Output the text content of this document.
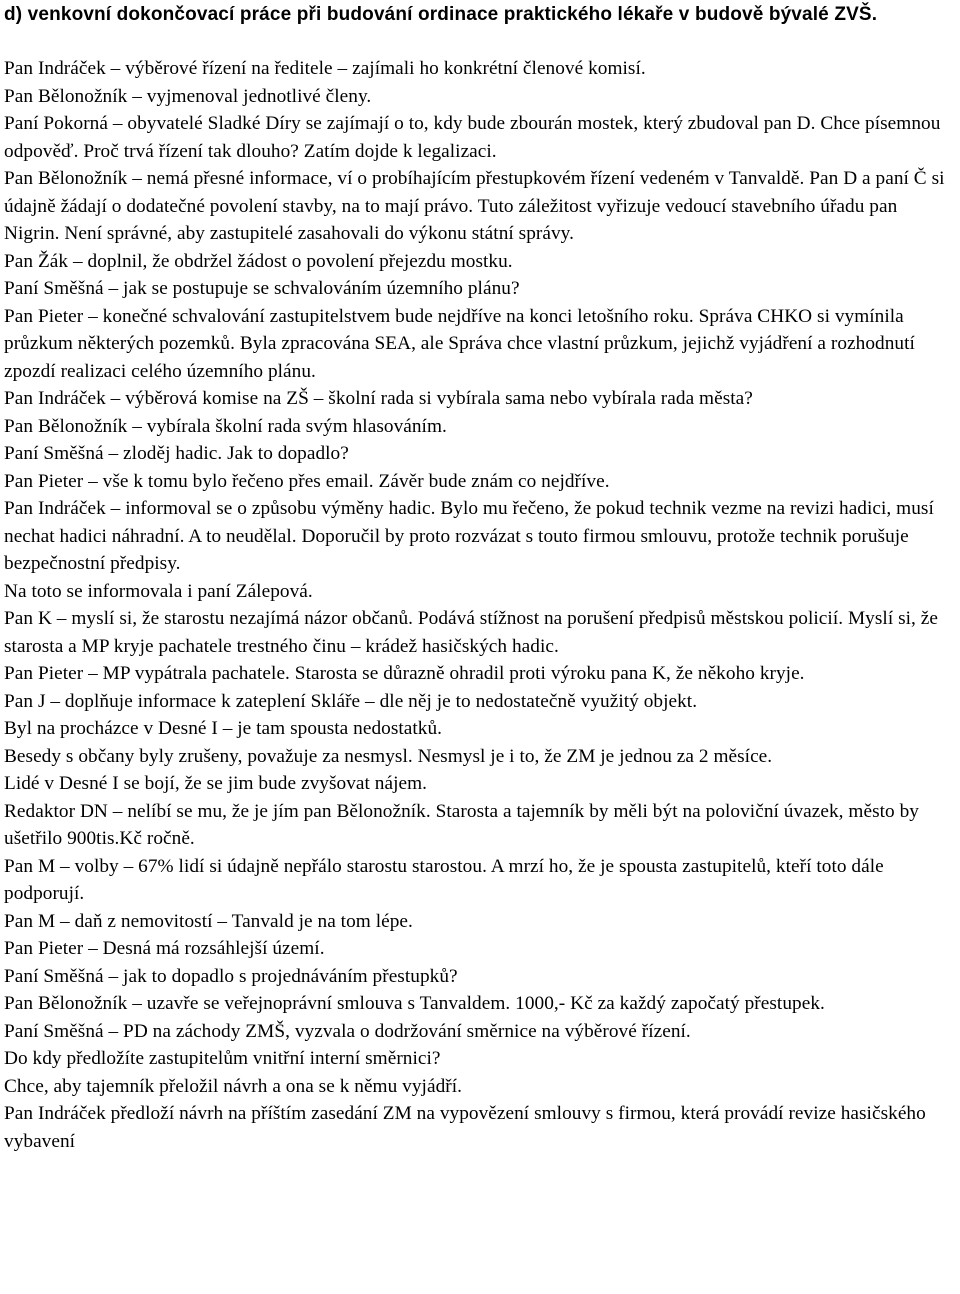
d) venkovní dokončovací práce při budování ordinace praktického lékaře v budově bývalé ZVŠ.

Pan Indráček – výběrové řízení na ředitele – zajímali ho konkrétní členové komisí.

Pan Bělonožník – vyjmenoval jednotlivé členy.

Paní Pokorná – obyvatelé Sladké Díry se zajímají o to, kdy bude zbourán mostek, který zbudoval pan D. Chce písemnou odpověď. Proč trvá řízení tak dlouho? Zatím dojde k legalizaci.

Pan Bělonožník – nemá přesné informace, ví o probíhajícím přestupkovém řízení vedeném v Tanvaldě. Pan D a paní Č si údajně žádají o dodatečné povolení stavby, na to mají právo. Tuto záležitost vyřizuje vedoucí stavebního úřadu pan Nigrin. Není správné, aby zastupitelé zasahovali do výkonu státní správy.

Pan Žák – doplnil, že obdržel žádost o povolení přejezdu mostku.

Paní Směšná – jak se postupuje se schvalováním územního plánu?

Pan Pieter – konečné schvalování zastupitelstvem bude nejdříve na konci letošního roku. Správa CHKO si vymínila průzkum některých pozemků. Byla zpracována SEA, ale Správa chce vlastní průzkum, jejichž vyjádření a rozhodnutí zpozdí realizaci celého územního plánu.

Pan Indráček – výběrová komise na ZŠ – školní rada si vybírala sama nebo vybírala rada města?

Pan Bělonožník – vybírala školní rada svým hlasováním.

Paní Směšná – zloděj hadic. Jak to dopadlo?

Pan Pieter – vše k tomu bylo řečeno přes email. Závěr bude znám co nejdříve.

Pan Indráček – informoval se o způsobu výměny hadic. Bylo mu řečeno, že pokud technik vezme na revizi hadici, musí nechat hadici náhradní. A to neudělal. Doporučil by proto rozvázat s touto firmou smlouvu, protože technik porušuje bezpečnostní předpisy.

Na toto se informovala i paní Zálepová.

Pan K – myslí si, že starostu nezajímá názor občanů. Podává stížnost na porušení předpisů městskou policií. Myslí si, že starosta a MP kryje pachatele trestného činu – krádež hasičských hadic.

Pan Pieter – MP vypátrala pachatele. Starosta se důrazně ohradil proti výroku pana K, že někoho kryje.

Pan J – doplňuje informace k zateplení Sklářе – dle něj je to nedostatečně využitý objekt.

Byl na procházce v Desné I – je tam spousta nedostatků.

Besedy s občany byly zrušeny, považuje za nesmysl. Nesmysl je i to, že ZM je jednou za 2 měsíce.

Lidé v Desné I se bojí, že se jim bude zvyšovat nájem.

Redaktor DN – nelíbí se mu, že je jím pan Bělonožník. Starosta a tajemník by měli být na poloviční úvazek, město by ušetřilo 900tis.Kč ročně.

Pan M – volby – 67% lidí si údajně nepřálo starostu starostou. A mrzí ho, že je spousta zastupitelů, kteří toto dále podporují.

Pan M – daň z nemovitostí – Tanvald je na tom lépe.

Pan Pieter – Desná má rozsáhlejší území.

Paní Směšná – jak to dopadlo s projednáváním přestupků?

Pan Bělonožník – uzavře se veřejnoprávní smlouva s Tanvaldem. 1000,- Kč za každý započatý přestupek.

Paní Směšná – PD na záchody ZMŠ, vyzvala o dodržování směrnice na výběrové řízení.

Do kdy předložíte zastupitelům vnitřní interní směrnici?

Chce, aby tajemník přeložil návrh a ona se k němu vyjádří.

Pan Indráček předloží návrh na příštím zasedání ZM na vypovězení smlouvy s firmou, která provádí revize hasičského vybavení
